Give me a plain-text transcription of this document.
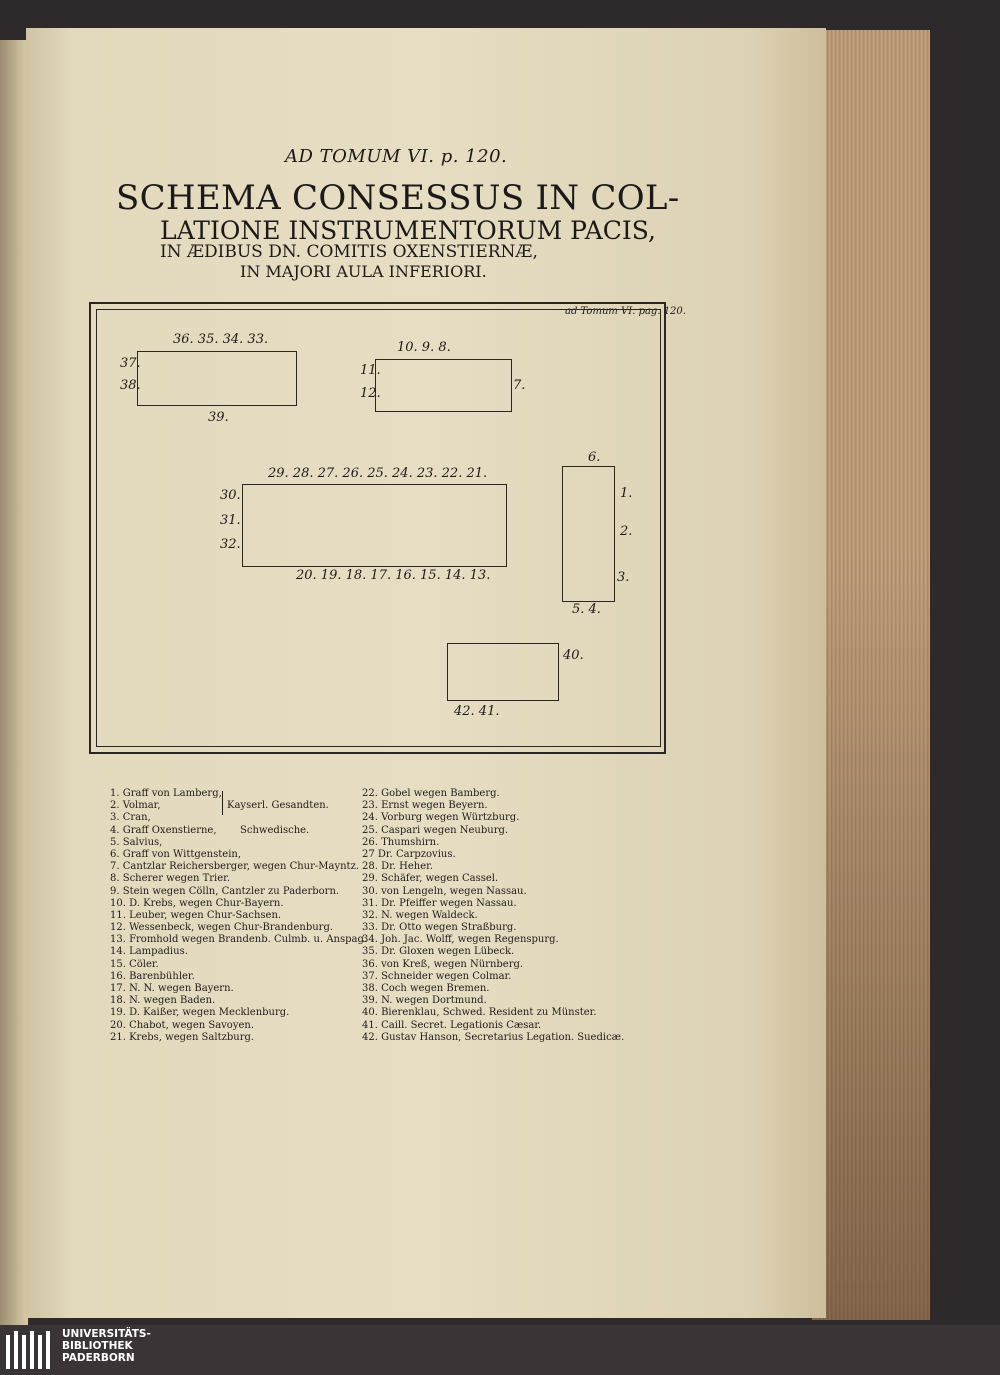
AD TOMUM VI. p. 120.
SCHEMA CONSESSUS IN COL-
LATIONE INSTRUMENTORUM PACIS,
IN ÆDIBUS DN. COMITIS OXENSTIERNÆ,
IN MAJORI AULA INFERIORI.
ad Tomum VI. pag. 120.
36. 35. 34. 33.
37.
38.
39.
10. 9. 8.
11.
12.
7.
29. 28. 27. 26. 25. 24. 23. 22. 21.
30.
31.
32.
20. 19. 18. 17. 16. 15. 14. 13.
6.
1.
2.
3.
5. 4.
40.
42. 41.
1. Graff von Lamberg,
2. Volmar,
3. Cran,
4. Graff Oxenstierne,
5. Salvius,
6. Graff von Wittgenstein,
7. Cantzlar Reichersberger, wegen Chur-Mayntz.
8. Scherer wegen Trier.
9. Stein wegen Cölln, Cantzler zu Paderborn.
10. D. Krebs, wegen Chur-Bayern.
11. Leuber, wegen Chur-Sachsen.
12. Wessenbeck, wegen Chur-Brandenburg.
13. Fromhold wegen Brandenb. Culmb. u. Anspag.
14. Lampadius.
15. Cöler.
16. Barenbühler.
17. N. N. wegen Bayern.
18. N. wegen Baden.
19. D. Kaißer, wegen Mecklenburg.
20. Chabot, wegen Savoyen.
21. Krebs, wegen Saltzburg.
Kayserl. Gesandten.
Schwedische.
22. Gobel wegen Bamberg.
23. Ernst wegen Beyern.
24. Vorburg wegen Würtzburg.
25. Caspari wegen Neuburg.
26. Thumshirn.
27 Dr. Carpzovius.
28. Dr. Heher.
29. Schäfer, wegen Cassel.
30. von Lengeln, wegen Nassau.
31. Dr. Pfeiffer wegen Nassau.
32. N. wegen Waldeck.
33. Dr. Otto wegen Straßburg.
34. Joh. Jac. Wolff, wegen Regenspurg.
35. Dr. Gloxen wegen Lübeck.
36. von Kreß, wegen Nürnberg.
37. Schneider wegen Colmar.
38. Coch wegen Bremen.
39. N. wegen Dortmund.
40. Bierenklau, Schwed. Resident zu Münster.
41. Caill. Secret. Legationis Cæsar.
42. Gustav Hanson, Secretarius Legation. Suedicæ.
UNIVERSITÄTS-
BIBLIOTHEK
PADERBORN
